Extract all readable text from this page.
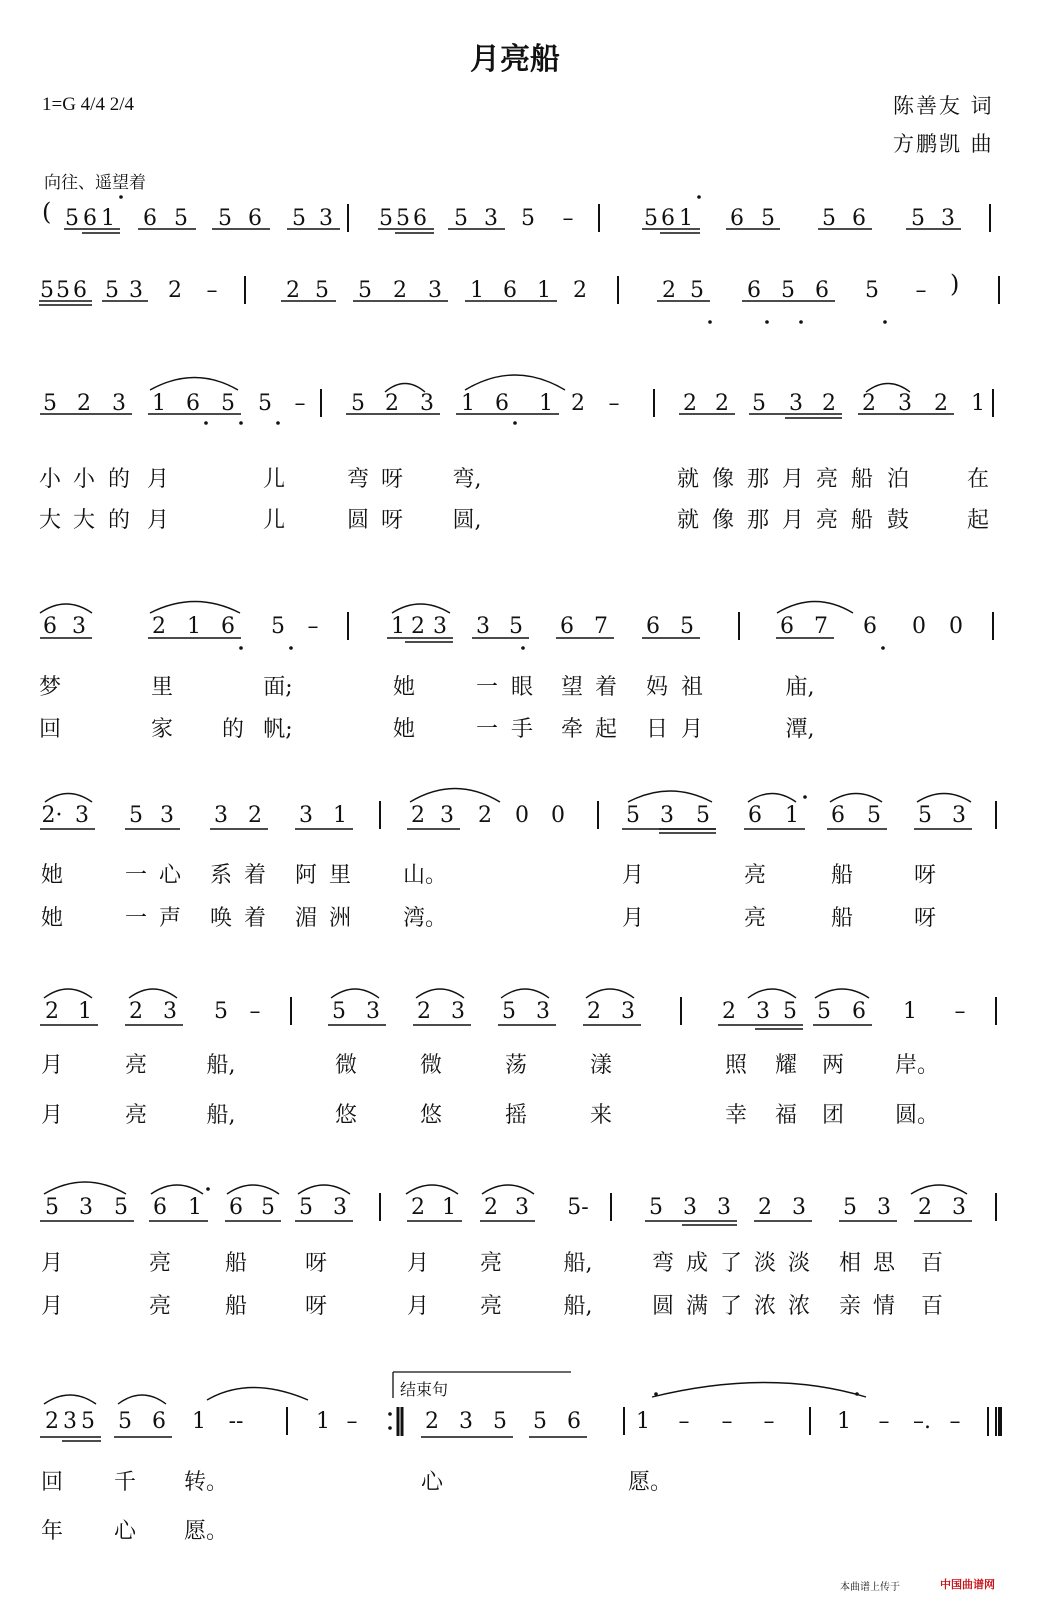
月亮船
1=G 4/4 2/4	陈善友 词
方鹏凯 曲
向往、遥望着
(
)
5 6 1 6 5 5 6 5 3 5 5 6 5 3 5	–	5 6 1 6 5 5 6 5 3
5 5 6 5 3 2	–	2 5 5 2 3 1 6 1 2	2 5 6 5 6 5	–
5 2 3 1 6 5 5	–	5 2 3 1 6 1 2	–	2 2 5 3 2 2 3 2 1
6 3	2 1 6 5	–	1 2 3 3 5 6 7 6 5	6 7 6 0 0
2· 3 5 3 3 2 3 1	2 3 2 0 0	5 3 5 6 1 6 5 5 3
2 1 2 3 5 –	5 3 2 3 5 3 2 3	2 3 5 5 6 1	–
5 3 5 6 1 6 5 5 3	2 1 2 3 5-	5 3 3 2 3 5 3 2 3
2 3 5 5 6 1 --	1 –	2 3 5 5 6	1	–	–	–	1	–	–. –
小 小 的 月	儿	弯 呀 弯,	就 像 那 月 亮 船 泊	在
大 大 的 月	儿	圆 呀 圆,	就 像 那 月 亮 船 鼓	起
梦	里	面;	她	一 眼 望 着 妈 祖	庙,
回	家 的 帆;	她	一 手 牵 起 日 月	潭,
她	一 心 系 着 阿 里 山。	月	亮	船	呀
她	一 声 唤 着 湄 洲 湾。	月	亮	船	呀
月	亮	船,	微	微	荡	漾	照 耀 两 岸。
月	亮	船,	悠	悠	摇	来	幸 福 团 圆。
月	亮 船	呀	月 亮	船,	弯 成 了 淡 淡 相 思 百
月	亮 船	呀	月 亮	船,	圆 满 了 浓 浓 亲 情 百
回 千 转。	心	愿。
年 心 愿。
结束句
本曲谱上传于	中国曲谱网
